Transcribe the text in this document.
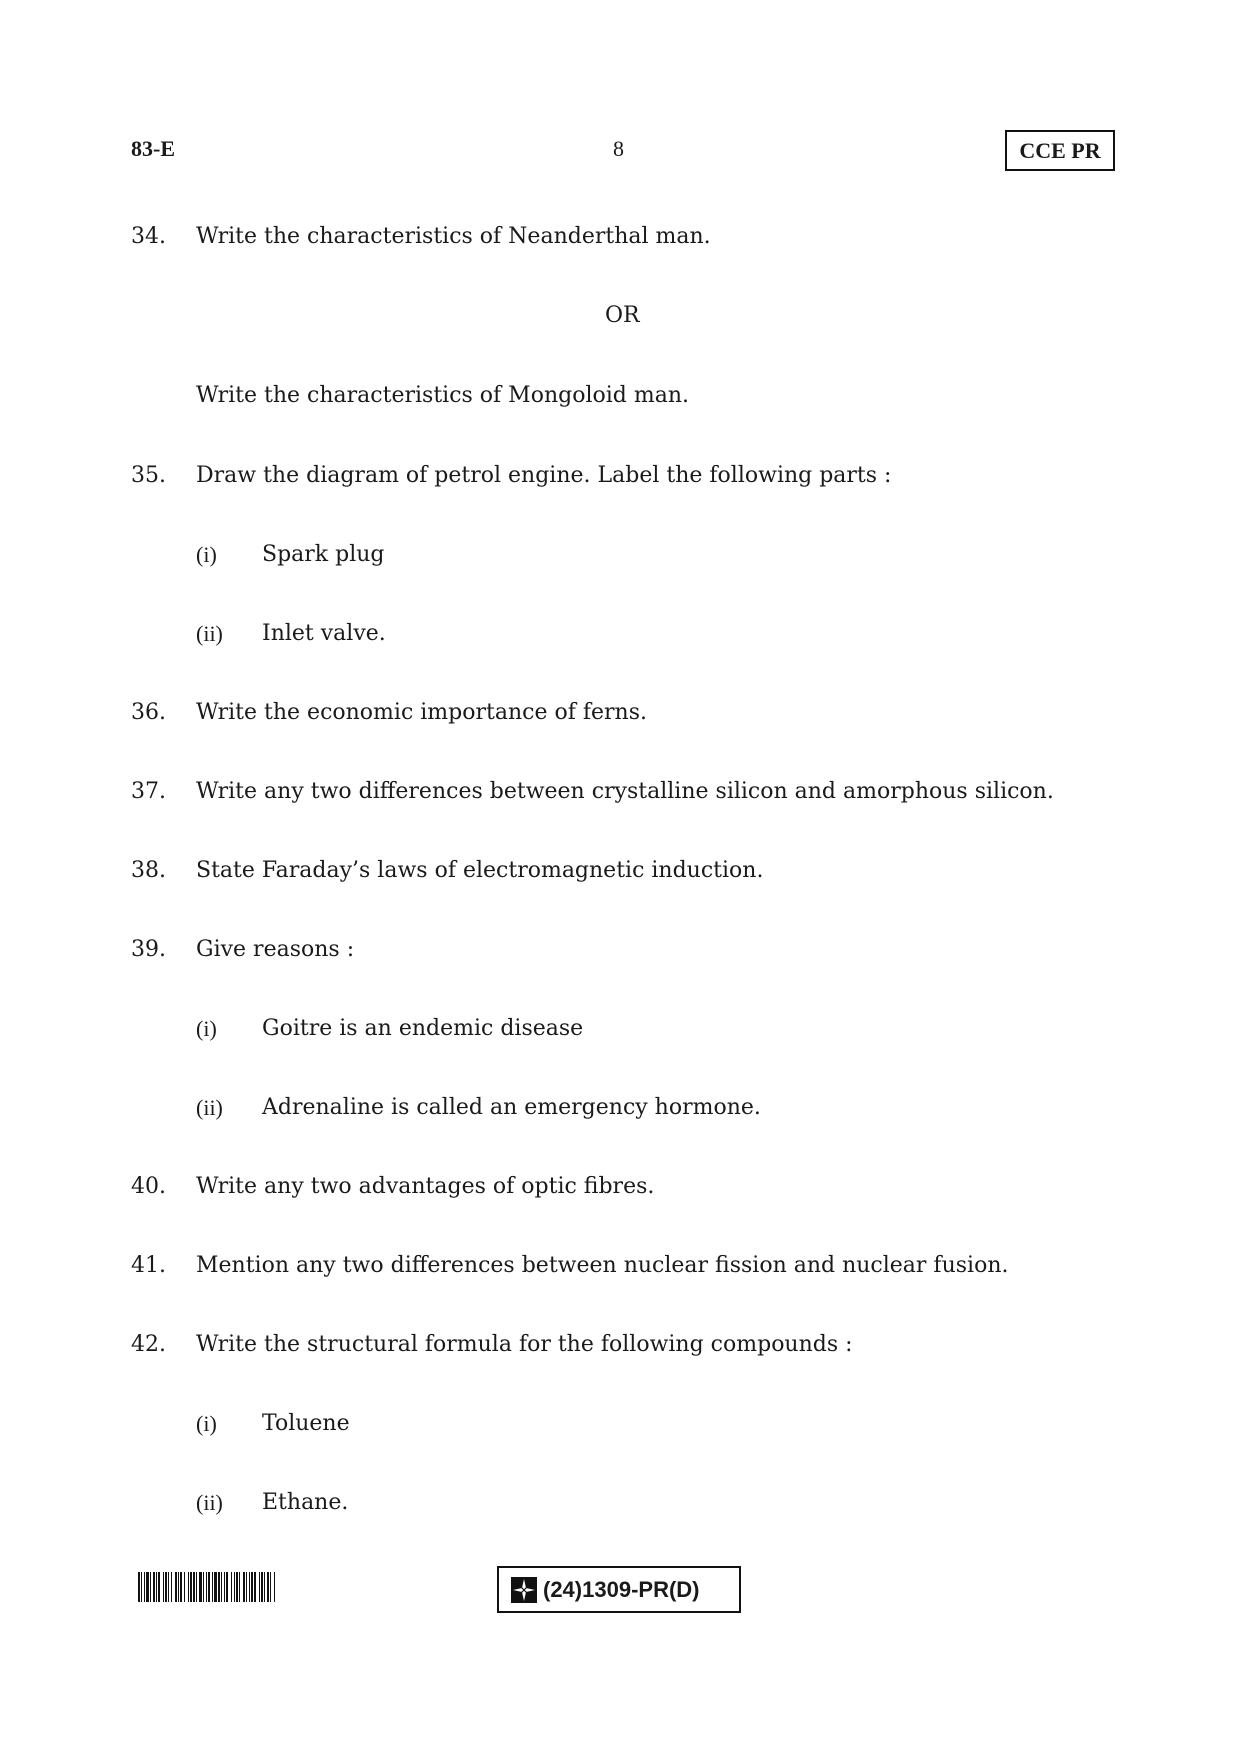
83-E	8	CCE PR
34. Write the characteristics of Neanderthal man.
OR
Write the characteristics of Mongoloid man.
35. Draw the diagram of petrol engine. Label the following parts :
(i) Spark plug
(ii) Inlet valve.
36. Write the economic importance of ferns.
37. Write any two differences between crystalline silicon and amorphous silicon.
38. State Faraday’s laws of electromagnetic induction.
39. Give reasons :
(i) Goitre is an endemic disease
(ii) Adrenaline is called an emergency hormone.
40. Write any two advantages of optic fibres.
41. Mention any two differences between nuclear fission and nuclear fusion.
42. Write the structural formula for the following compounds :
(i) Toluene
(ii) Ethane.
(24)1309-PR(D)
